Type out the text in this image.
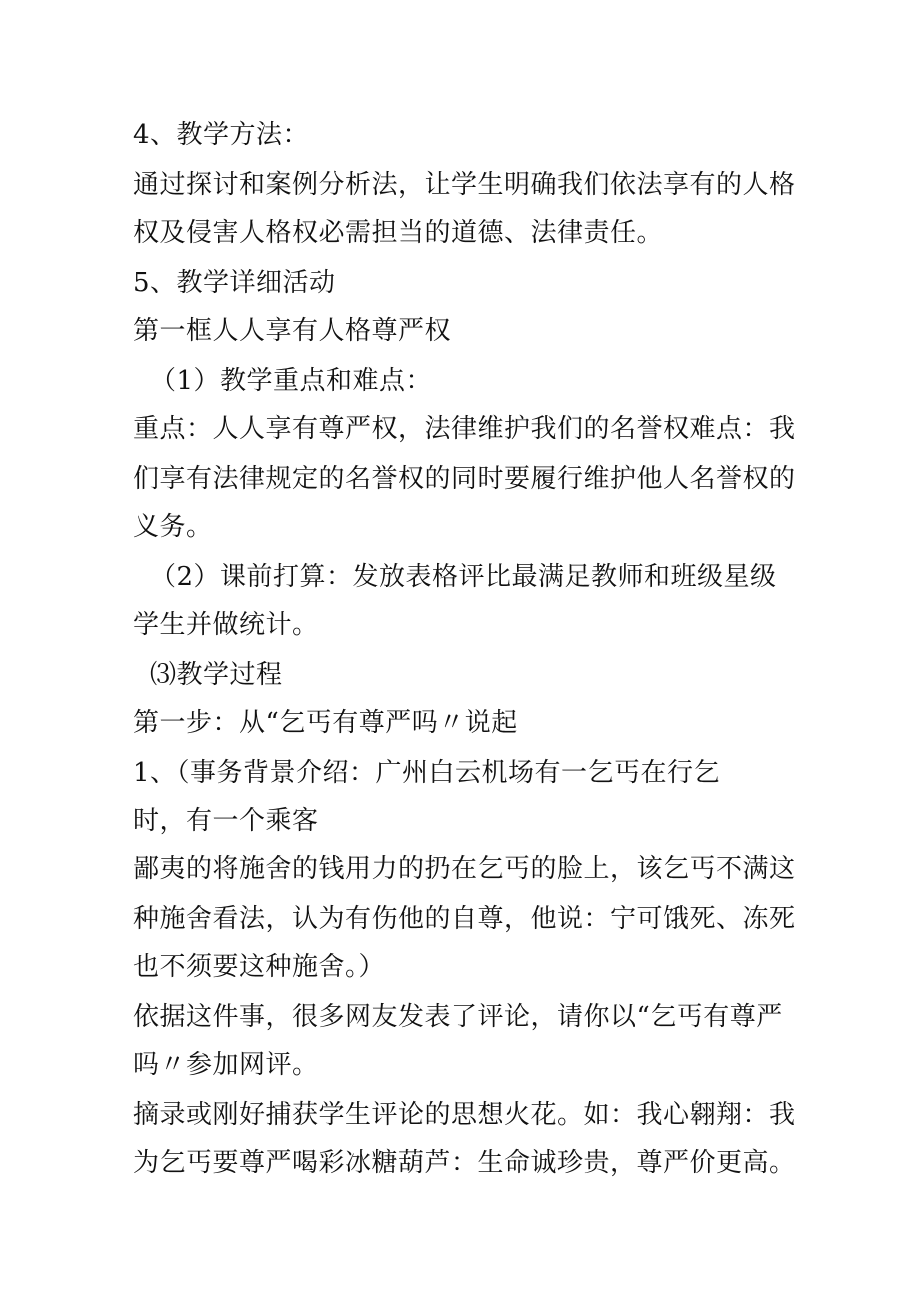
4、教学方法：
通过探讨和案例分析法，让学生明确我们依法享有的人格
权及侵害人格权必需担当的道德、法律责任。
5、教学详细活动
第一框人人享有人格尊严权
（1）教学重点和难点：
重点：人人享有尊严权，法律维护我们的名誉权难点：我
们享有法律规定的名誉权的同时要履行维护他人名誉权的
义务。
（2）课前打算：发放表格评比最满足教师和班级星级
学生并做统计。
⑶教学过程
第一步：从“乞丐有尊严吗〃说起
1、（事务背景介绍：广州白云机场有一乞丐在行乞
时，有一个乘客
鄙夷的将施舍的钱用力的扔在乞丐的脸上，该乞丐不满这
种施舍看法，认为有伤他的自尊，他说：宁可饿死、冻死
也不须要这种施舍。）
依据这件事，很多网友发表了评论，请你以“乞丐有尊严
吗〃参加网评。
摘录或刚好捕获学生评论的思想火花。如：我心翱翔：我
为乞丐要尊严喝彩冰糖葫芦：生命诚珍贵，尊严价更高。
